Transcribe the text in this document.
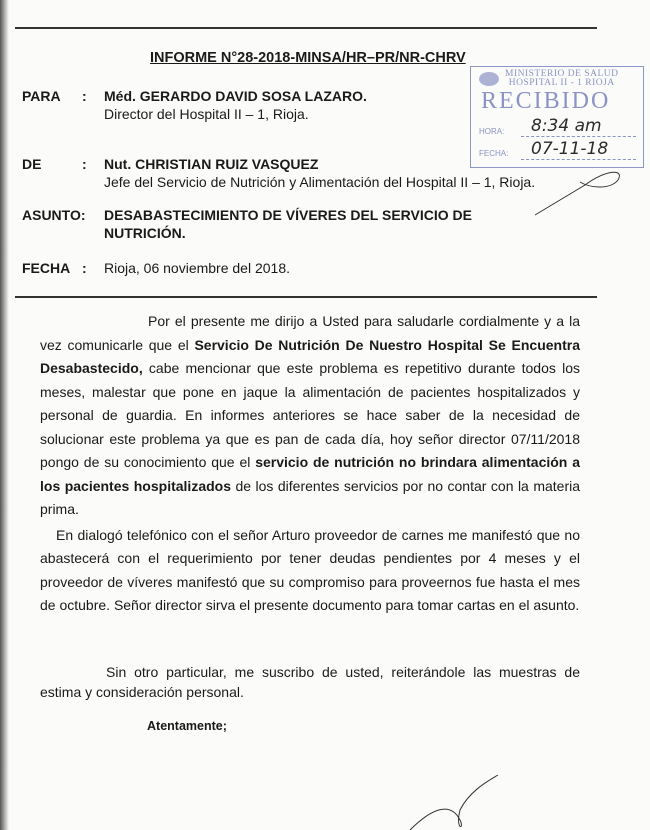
INFORME N°28-2018-MINSA/HR–PR/NR-CHRV
PARA : Méd. GERARDO DAVID SOSA LAZARO.
Director del Hospital II – 1, Rioja.
DE	: Nut. CHRISTIAN RUIZ VASQUEZ
Jefe del Servicio de Nutrición y Alimentación del Hospital II – 1, Rioja.
ASUNTO: DESABASTECIMIENTO DE VÍVERES DEL SERVICIO DE
NUTRICIÓN.
FECHA : Rioja, 06 noviembre del 2018.
MINISTERIO DE SALUD
HOSPITAL II - 1 RIOJA
RECIBIDO
HORA: 8:34 am
FECHA: 07-11-18

Por el presente me dirijo a Usted para saludarle cordialmente y a la vez comunicarle que el Servicio De Nutrición De Nuestro Hospital Se Encuentra Desabastecido, cabe mencionar que este problema es repetitivo durante todos los meses, malestar que pone en jaque la alimentación de pacientes hospitalizados y personal de guardia. En informes anteriores se hace saber de la necesidad de solucionar este problema ya que es pan de cada día, hoy señor director 07/11/2018 pongo de su conocimiento que el servicio de nutrición no brindara alimentación a los pacientes hospitalizados de los diferentes servicios por no contar con la materia prima.

En dialogó telefónico con el señor Arturo proveedor de carnes me manifestó que no abastecerá con el requerimiento por tener deudas pendientes por 4 meses y el proveedor de víveres manifestó que su compromiso para proveernos fue hasta el mes de octubre. Señor director sirva el presente documento para tomar cartas en el asunto.

Sin otro particular, me suscribo de usted, reiterándole las muestras de estima y consideración personal.

Atentamente;
